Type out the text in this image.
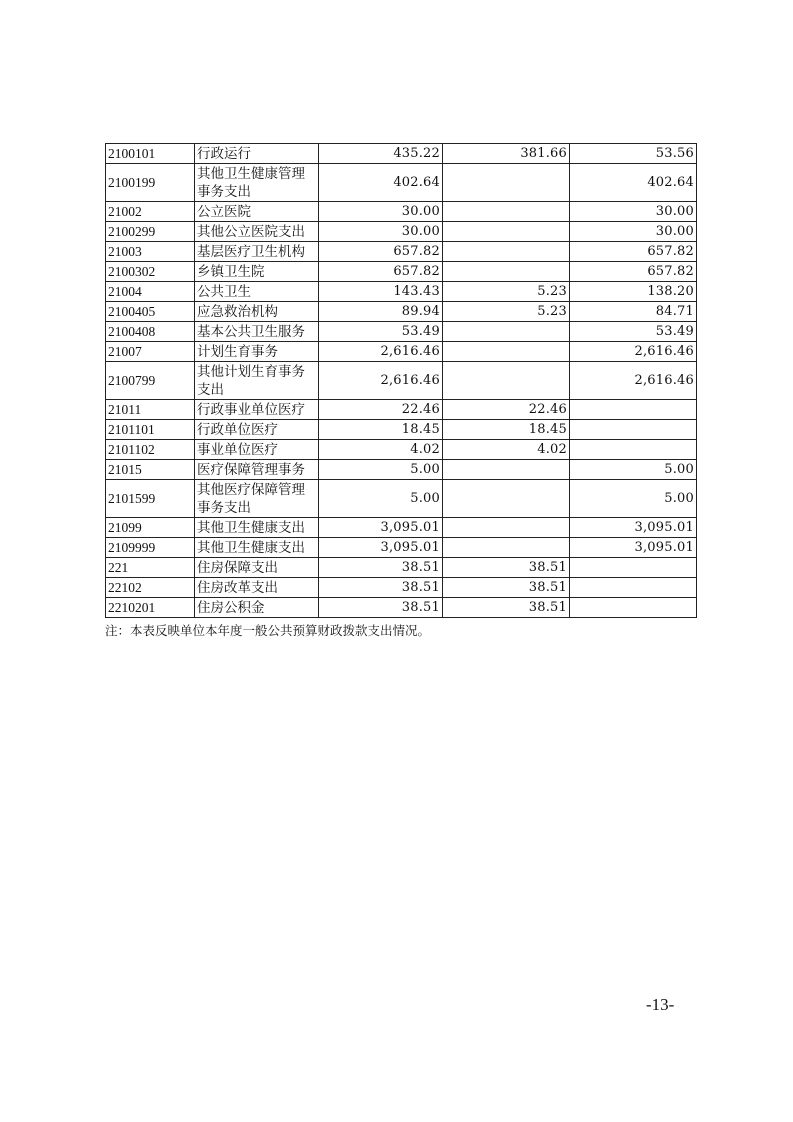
2100101	行政运行	435.22	381.66	53.56
2100199	其他卫生健康管理事务支出	402.64		402.64
21002	公立医院	30.00		30.00
2100299	其他公立医院支出	30.00		30.00
21003	基层医疗卫生机构	657.82		657.82
2100302	乡镇卫生院	657.82		657.82
21004	公共卫生	143.43	5.23	138.20
2100405	应急救治机构	89.94	5.23	84.71
2100408	基本公共卫生服务	53.49		53.49
21007	计划生育事务	2,616.46		2,616.46
2100799	其他计划生育事务支出	2,616.46		2,616.46
21011	行政事业单位医疗	22.46	22.46	
2101101	行政单位医疗	18.45	18.45	
2101102	事业单位医疗	4.02	4.02	
21015	医疗保障管理事务	5.00		5.00
2101599	其他医疗保障管理事务支出	5.00		5.00
21099	其他卫生健康支出	3,095.01		3,095.01
2109999	其他卫生健康支出	3,095.01		3,095.01
221	住房保障支出	38.51	38.51	
22102	住房改革支出	38.51	38.51	
2210201	住房公积金	38.51	38.51	
注：本表反映单位本年度一般公共预算财政拨款支出情况。
-13-
